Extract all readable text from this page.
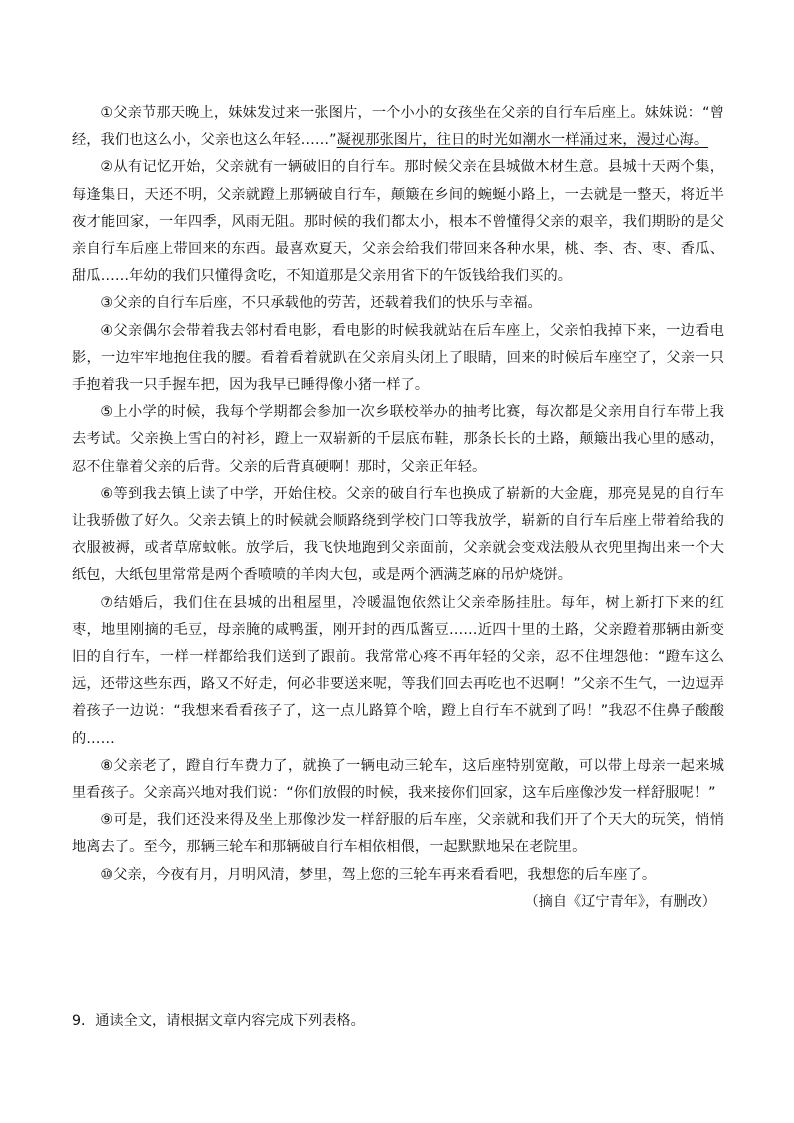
①父亲节那天晚上，妹妹发过来一张图片，一个小小的女孩坐在父亲的自行车后座上。妹妹说：“曾经，我们也这么小，父亲也这么年轻……”凝视那张图片，往日的时光如潮水一样涌过来，漫过心海。

②从有记忆开始，父亲就有一辆破旧的自行车。那时候父亲在县城做木材生意。县城十天两个集，每逢集日，天还不明，父亲就蹬上那辆破自行车，颠簸在乡间的蜿蜒小路上，一去就是一整天，将近半夜才能回家，一年四季，风雨无阻。那时候的我们都太小，根本不曾懂得父亲的艰辛，我们期盼的是父亲自行车后座上带回来的东西。最喜欢夏天，父亲会给我们带回来各种水果，桃、李、杏、枣、香瓜、甜瓜……年幼的我们只懂得贪吃，不知道那是父亲用省下的午饭钱给我们买的。

③父亲的自行车后座，不只承载他的劳苦，还载着我们的快乐与幸福。

④父亲偶尔会带着我去邻村看电影，看电影的时候我就站在后车座上，父亲怕我掉下来，一边看电影，一边牢牢地抱住我的腰。看着看着就趴在父亲肩头闭上了眼睛，回来的时候后车座空了，父亲一只手抱着我一只手握车把，因为我早已睡得像小猪一样了。

⑤上小学的时候，我每个学期都会参加一次乡联校举办的抽考比赛，每次都是父亲用自行车带上我去考试。父亲换上雪白的衬衫，蹬上一双崭新的千层底布鞋，那条长长的土路，颠簸出我心里的感动，忍不住靠着父亲的后背。父亲的后背真硬啊！那时，父亲正年轻。

⑥等到我去镇上读了中学，开始住校。父亲的破自行车也换成了崭新的大金鹿，那亮晃晃的自行车让我骄傲了好久。父亲去镇上的时候就会顺路绕到学校门口等我放学，崭新的自行车后座上带着给我的衣服被褥，或者草席蚊帐。放学后，我飞快地跑到父亲面前，父亲就会变戏法般从衣兜里掏出来一个大纸包，大纸包里常常是两个香喷喷的羊肉大包，或是两个洒满芝麻的吊炉烧饼。

⑦结婚后，我们住在县城的出租屋里，冷暖温饱依然让父亲牵肠挂肚。每年，树上新打下来的红枣，地里刚摘的毛豆，母亲腌的咸鸭蛋，刚开封的西瓜酱豆……近四十里的土路，父亲蹬着那辆由新变旧的自行车，一样一样都给我们送到了跟前。我常常心疼不再年轻的父亲，忍不住埋怨他：“蹬车这么远，还带这些东西，路又不好走，何必非要送来呢，等我们回去再吃也不迟啊！”父亲不生气，一边逗弄着孩子一边说：“我想来看看孩子了，这一点儿路算个啥，蹬上自行车不就到了吗！”我忍不住鼻子酸酸的……

⑧父亲老了，蹬自行车费力了，就换了一辆电动三轮车，这后座特别宽敞，可以带上母亲一起来城里看孩子。父亲高兴地对我们说：“你们放假的时候，我来接你们回家，这车后座像沙发一样舒服呢！”

⑨可是，我们还没来得及坐上那像沙发一样舒服的后车座，父亲就和我们开了个天大的玩笑，悄悄地离去了。至今，那辆三轮车和那辆破自行车相依相偎，一起默默地呆在老院里。

⑩父亲，今夜有月，月明风清，梦里，驾上您的三轮车再来看看吧，我想您的后车座了。

（摘自《辽宁青年》，有删改）

9．通读全文，请根据文章内容完成下列表格。
